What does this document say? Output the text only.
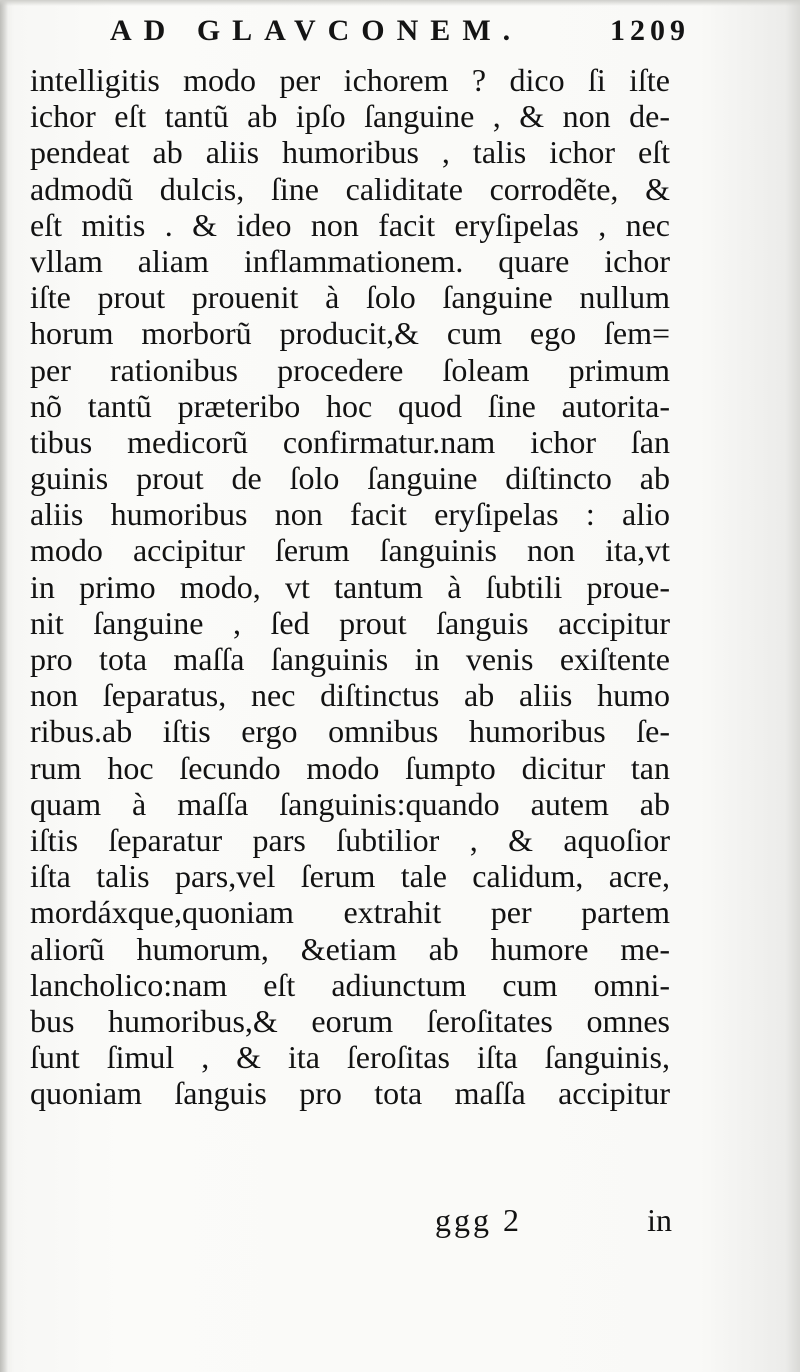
AD GLAVCONEM.	1209
intelligitis modo per ichorem ? dico ſi iſte
ichor eſt tantũ ab ipſo ſanguine , & non de-
pendeat ab aliis humoribus , talis ichor eſt
admodũ dulcis, ſine caliditate corrodẽte, &
eſt mitis . & ideo non facit eryſipelas , nec
vllam aliam inflammationem. quare ichor
iſte prout prouenit à ſolo ſanguine nullum
horum morborũ producit,& cum ego ſem=
per rationibus procedere ſoleam primum
nõ tantũ præteribo hoc quod ſine autorita-
tibus medicorũ confirmatur.nam ichor ſan
guinis prout de ſolo ſanguine diſtincto ab
aliis humoribus non facit eryſipelas : alio
modo accipitur ſerum ſanguinis non ita,vt
in primo modo, vt tantum à ſubtili proue-
nit ſanguine , ſed prout ſanguis accipitur
pro tota maſſa ſanguinis in venis exiſtente
non ſeparatus, nec diſtinctus ab aliis humo
ribus.ab iſtis ergo omnibus humoribus ſe-
rum hoc ſecundo modo ſumpto dicitur tan
quam à maſſa ſanguinis:quando autem ab
iſtis ſeparatur pars ſubtilior , & aquoſior
iſta talis pars,vel ſerum tale calidum, acre,
mordáxque,quoniam extrahit per partem
aliorũ humorum, &etiam ab humore me-
lancholico:nam eſt adiunctum cum omni-
bus humoribus,& eorum ſeroſitates omnes
ſunt ſimul , & ita ſeroſitas iſta ſanguinis,
quoniam ſanguis pro tota maſſa accipitur
ggg 2	in
